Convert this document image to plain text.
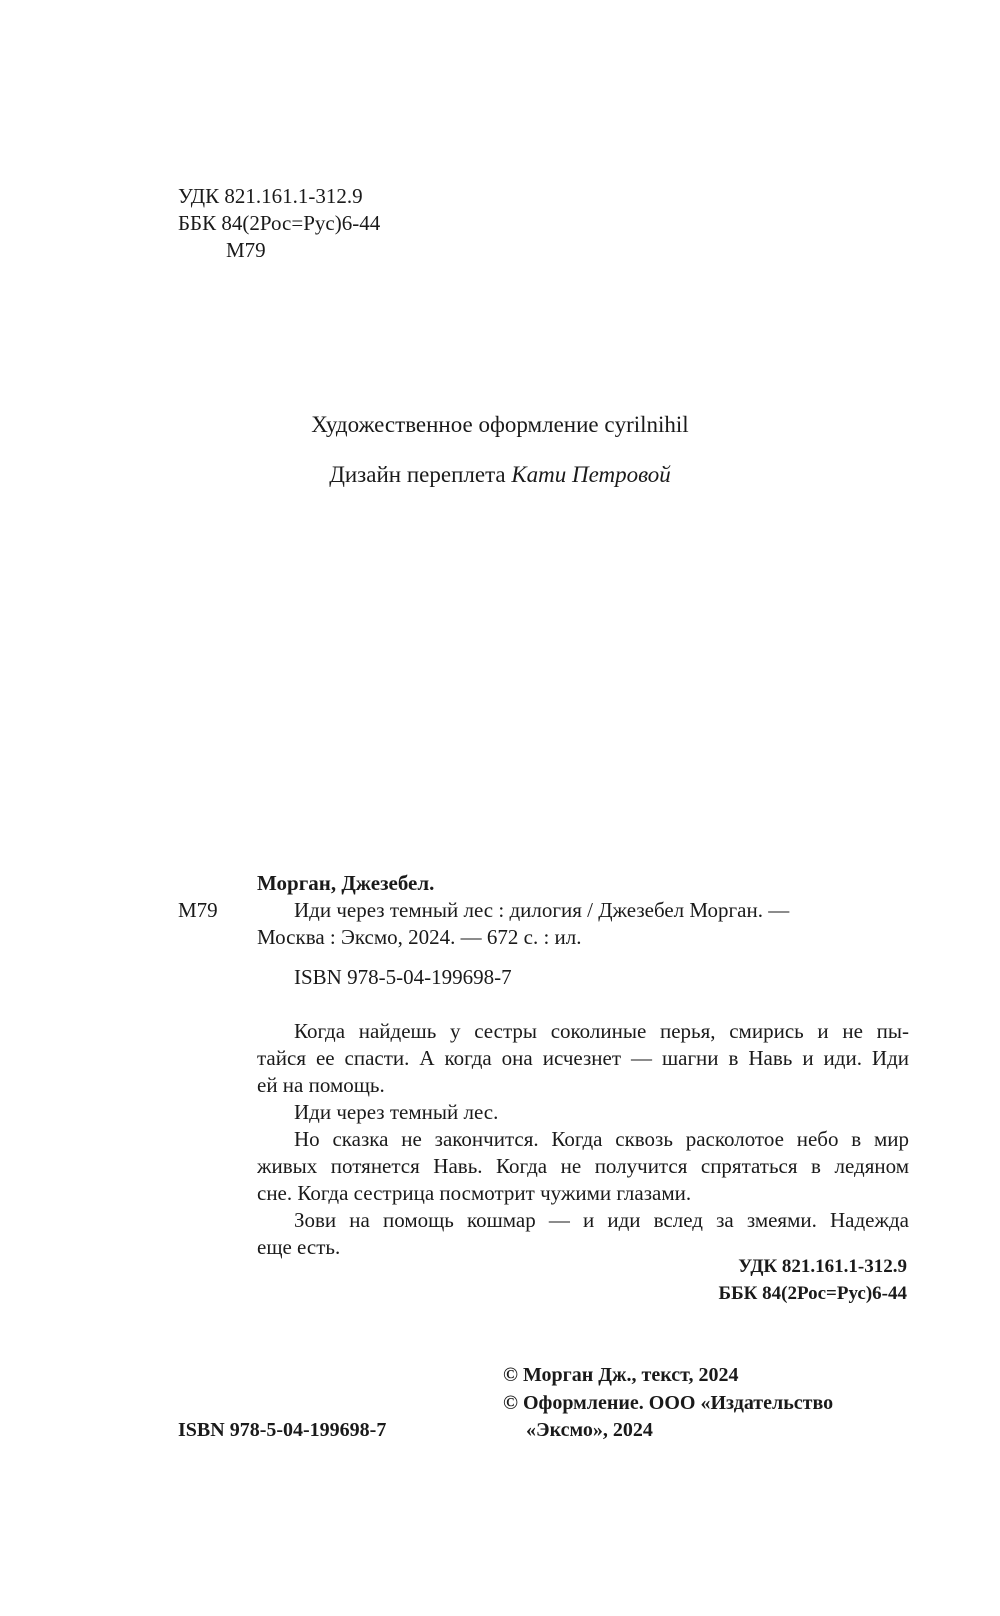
УДК 821.161.1-312.9
ББК 84(2Рос=Рус)6-44
М79
Художественное оформление cyrilnihil
Дизайн переплета Кати Петровой
Морган, Джезебел.
М79	Иди через темный лес : дилогия / Джезебел Морган. —
Москва : Эксмо, 2024. — 672 с. : ил.
ISBN 978-5-04-199698-7
Когда найдешь у сестры соколиные перья, смирись и не пы-
тайся ее спасти. А когда она исчезнет — шагни в Навь и иди. Иди
ей на помощь.
Иди через темный лес.
Но сказка не закончится. Когда сквозь расколотое небо в мир
живых потянется Навь. Когда не получится спрятаться в ледяном
сне. Когда сестрица посмотрит чужими глазами.
Зови на помощь кошмар — и иди вслед за змеями. Надежда
еще есть.
УДК 821.161.1-312.9
ББК 84(2Рос=Рус)6-44
© Морган Дж., текст, 2024
© Оформление. ООО «Издательство
«Эксмо», 2024
ISBN 978-5-04-199698-7
